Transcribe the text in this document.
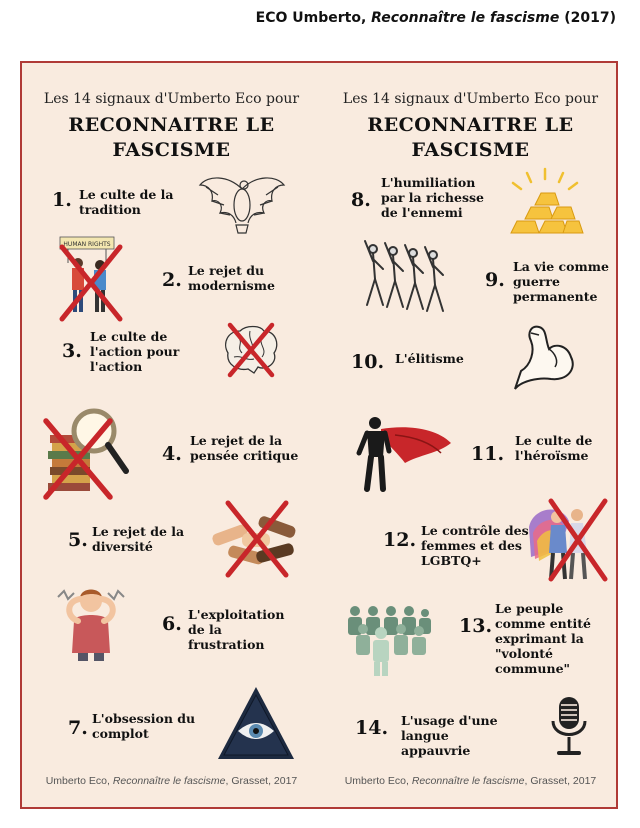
ECO Umberto, Reconnaître le fascisme (2017)
Les 14 signaux d'Umberto Eco pour
RECONNAITRE LE
FASCISME
1. Le culte de la
tradition
2. Le rejet du
modernisme
HUMAN RIGHTS
3.
Le culte de
l'action pour
l'action
4.
Le rejet de la
pensée critique
5. Le rejet de la
diversité
6. L'exploitation
de la
frustration
7. L'obsession du
complot
Umberto Eco, Reconnaître le fascisme, Grasset, 2017
Les 14 signaux d'Umberto Eco pour
RECONNAITRE LE
FASCISME
8.
L'humiliation
par la richesse
de l'ennemi
9.
La vie comme
guerre
permanente
10. L'élitisme
11.
Le culte de
l'héroïsme
12. Le contrôle des
femmes et des
LGBTQ+
13.
Le peuple
comme entité
exprimant la
"volonté
commune"
14. L'usage d'une
langue
appauvrie
Umberto Eco, Reconnaître le fascisme, Grasset, 2017
